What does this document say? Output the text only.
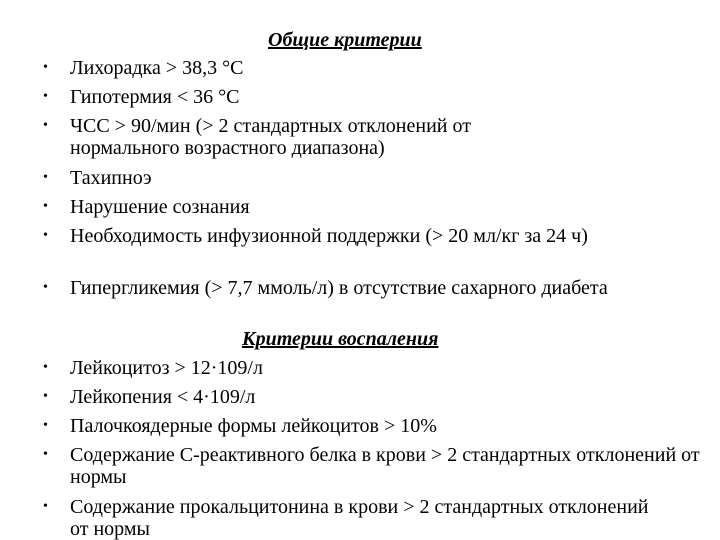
Общие критерии
• Лихорадка > 38,3 °С
• Гипотермия < 36 °С
• ЧСС > 90/мин (> 2 стандартных отклонений от нормального возрастного диапазона)
• Тахипноэ
• Нарушение сознания
• Необходимость инфузионной поддержки (> 20 мл/кг за 24 ч)
• Гипергликемия (> 7,7 ммоль/л) в отсутствие сахарного диабета
Критерии воспаления
• Лейкоцитоз > 12·109/л
• Лейкопения < 4·109/л
• Палочкоядерные формы лейкоцитов > 10%
• Содержание С-реактивного белка в крови > 2 стандартных отклонений от нормы
• Содержание прокальцитонина в крови > 2 стандартных отклонений от нормы
